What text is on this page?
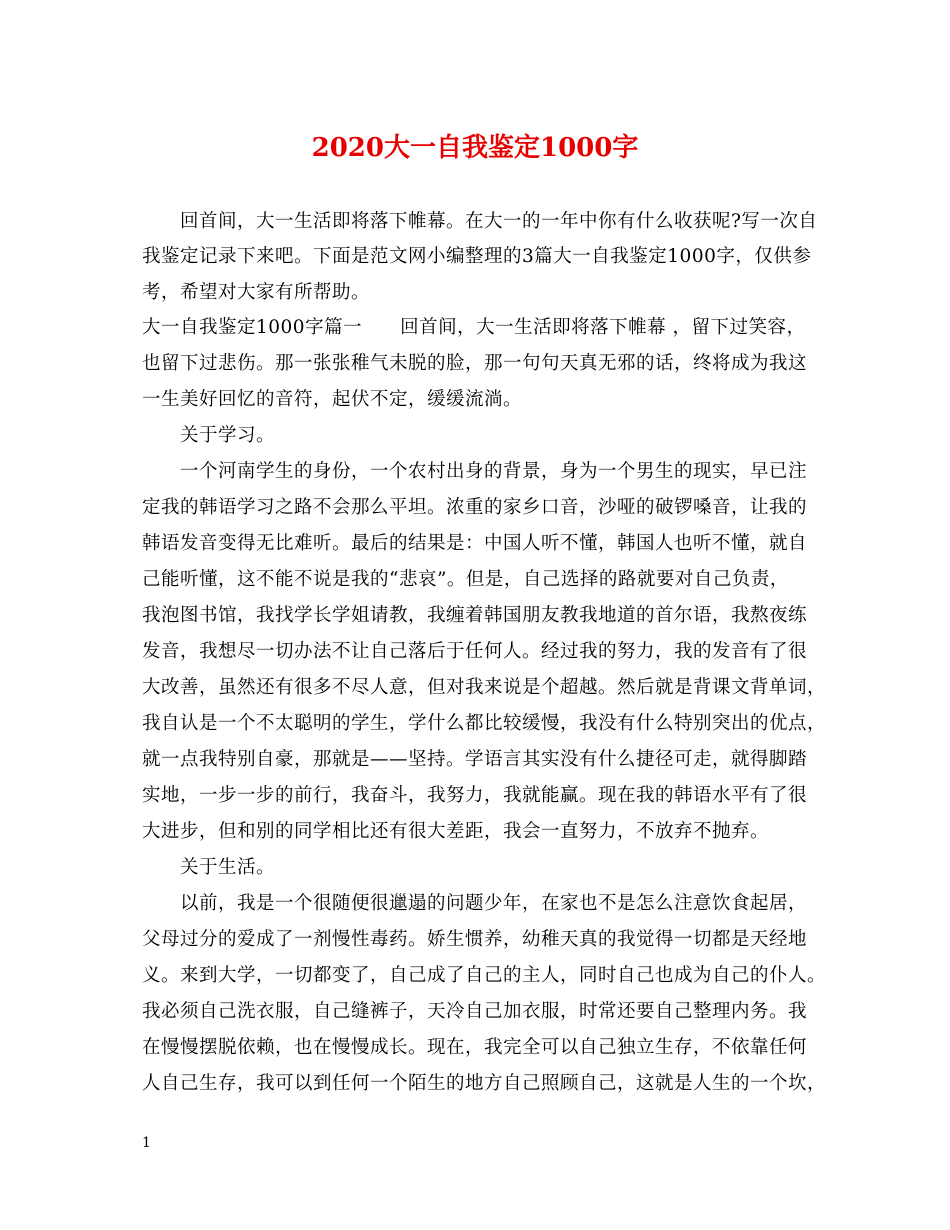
2020大一自我鉴定1000字
　　回首间，大一生活即将落下帷幕。在大一的一年中你有什么收获呢?写一次自
我鉴定记录下来吧。下面是范文网小编整理的3篇大一自我鉴定1000字，仅供参
考，希望对大家有所帮助。
大一自我鉴定1000字篇一　　回首间，大一生活即将落下帷幕 ，留下过笑容，
也留下过悲伤。那一张张稚气未脱的脸，那一句句天真无邪的话，终将成为我这
一生美好回忆的音符，起伏不定，缓缓流淌。
　　关于学习。
　　一个河南学生的身份，一个农村出身的背景，身为一个男生的现实，早已注
定我的韩语学习之路不会那么平坦。浓重的家乡口音，沙哑的破锣嗓音，让我的
韩语发音变得无比难听。最后的结果是：中国人听不懂，韩国人也听不懂，就自
己能听懂，这不能不说是我的“悲哀”。但是，自己选择的路就要对自己负责，
我泡图书馆，我找学长学姐请教，我缠着韩国朋友教我地道的首尔语，我熬夜练
发音，我想尽一切办法不让自己落后于任何人。经过我的努力，我的发音有了很
大改善，虽然还有很多不尽人意，但对我来说是个超越。然后就是背课文背单词，
我自认是一个不太聪明的学生，学什么都比较缓慢，我没有什么特别突出的优点，
就一点我特别自豪，那就是——坚持。学语言其实没有什么捷径可走，就得脚踏
实地，一步一步的前行，我奋斗，我努力，我就能赢。现在我的韩语水平有了很
大进步，但和别的同学相比还有很大差距，我会一直努力，不放弃不抛弃。
　　关于生活。
　　以前，我是一个很随便很邋遢的问题少年，在家也不是怎么注意饮食起居，
父母过分的爱成了一剂慢性毒药。娇生惯养，幼稚天真的我觉得一切都是天经地
义。来到大学，一切都变了，自己成了自己的主人，同时自己也成为自己的仆人。
我必须自己洗衣服，自己缝裤子，天冷自己加衣服，时常还要自己整理内务。我
在慢慢摆脱依赖，也在慢慢成长。现在，我完全可以自己独立生存，不依靠任何
人自己生存，我可以到任何一个陌生的地方自己照顾自己，这就是人生的一个坎，
1
